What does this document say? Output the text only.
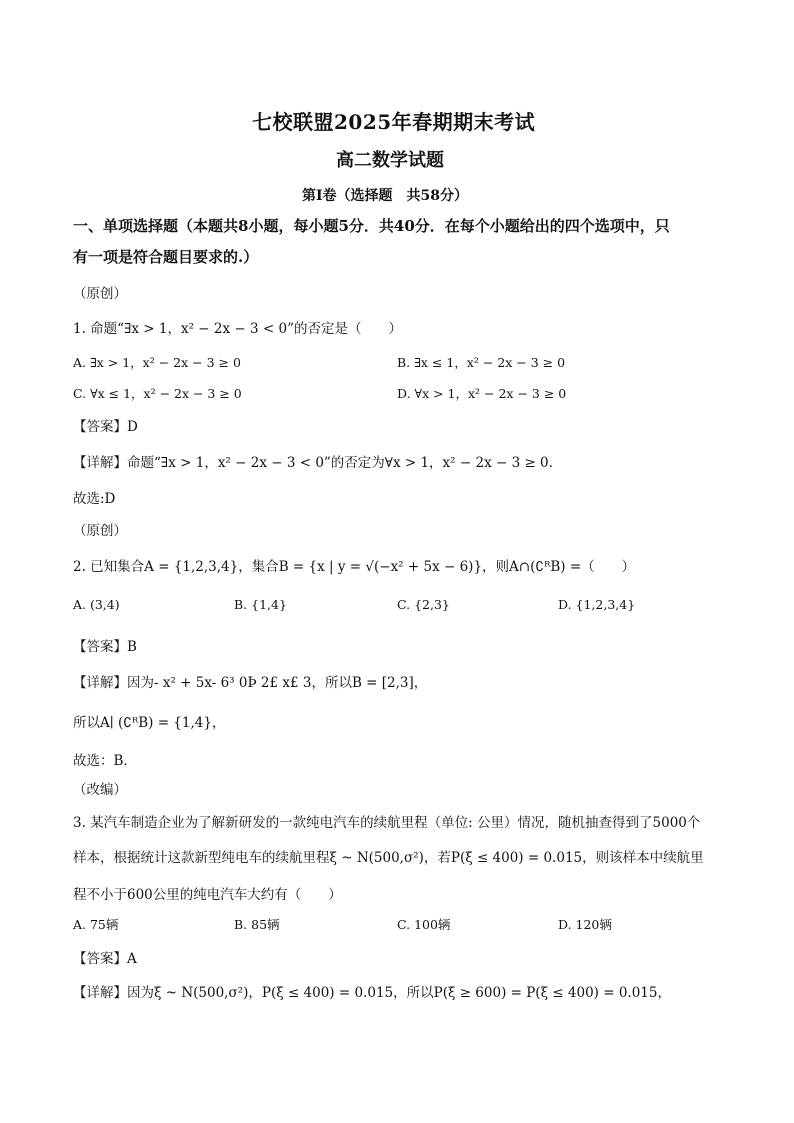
七校联盟2025年春期期末考试
高二数学试题
第Ⅰ卷（选择题　共58分）
一、单项选择题（本题共8小题，每小题5分．共40分．在每个小题给出的四个选项中，只
有一项是符合题目要求的.）
（原创）
1. 命题“∃x > 1，x² − 2x − 3 < 0”的否定是（　　）
A. ∃x > 1，x² − 2x − 3 ≥ 0	B. ∃x ≤ 1，x² − 2x − 3 ≥ 0
C. ∀x ≤ 1，x² − 2x − 3 ≥ 0	D. ∀x > 1，x² − 2x − 3 ≥ 0
【答案】D
【详解】命题“∃x > 1，x² − 2x − 3 < 0”的否定为∀x > 1，x² − 2x − 3 ≥ 0.
故选:D
（原创）
2. 已知集合A = {1,2,3,4}，集合B = {x | y = √(−x² + 5x − 6)}，则A∩(∁ᴿB) =（　　）
A. (3,4)	B. {1,4}	C. {2,3}	D. {1,2,3,4}
【答案】B
【详解】因为- x² + 5x- 6³ 0Þ 2£ x£ 3，所以B = [2,3]，
所以A∣ (∁ᴿB) = {1,4}，
故选：B．
（改编）
3. 某汽车制造企业为了解新研发的一款纯电汽车的续航里程（单位: 公里）情况，随机抽查得到了5000个
样本，根据统计这款新型纯电车的续航里程ξ ~ N(500,σ²)，若P(ξ ≤ 400) = 0.015，则该样本中续航里
程不小于600公里的纯电汽车大约有（　　）
A. 75辆	B. 85辆	C. 100辆	D. 120辆
【答案】A
【详解】因为ξ ~ N(500,σ²)，P(ξ ≤ 400) = 0.015，所以P(ξ ≥ 600) = P(ξ ≤ 400) = 0.015，
